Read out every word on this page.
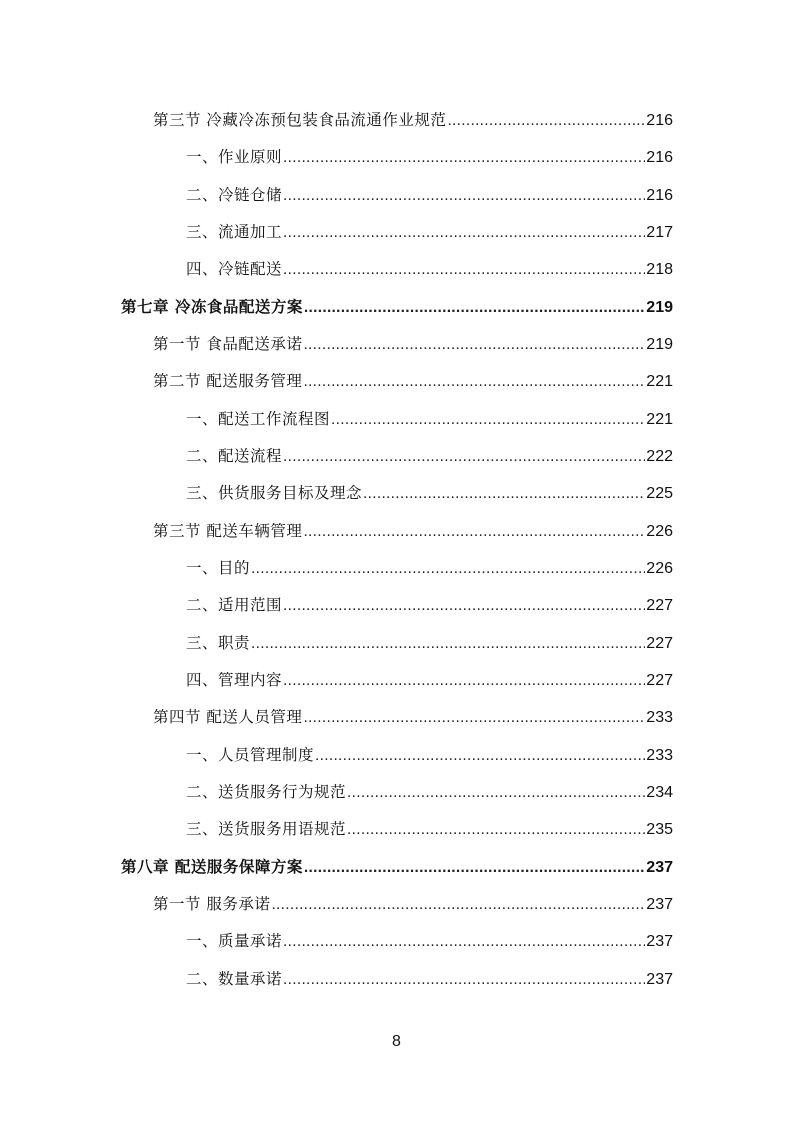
第三节 冷藏冷冻预包装食品流通作业规范 .....	216
一、作业原则 .....	216
二、冷链仓储 .....	216
三、流通加工 .....	217
四、冷链配送 .....	218
第七章 冷冻食品配送方案 .....	219
第一节 食品配送承诺 .....	219
第二节 配送服务管理 .....	221
一、配送工作流程图 .....	221
二、配送流程 .....	222
三、供货服务目标及理念 .....	225
第三节 配送车辆管理 .....	226
一、目的 .....	226
二、适用范围 .....	227
三、职责 .....	227
四、管理内容 .....	227
第四节 配送人员管理 .....	233
一、人员管理制度 .....	233
二、送货服务行为规范 .....	234
三、送货服务用语规范 .....	235
第八章 配送服务保障方案 .....	237
第一节 服务承诺 .....	237
一、质量承诺 .....	237
二、数量承诺 .....	237
8
